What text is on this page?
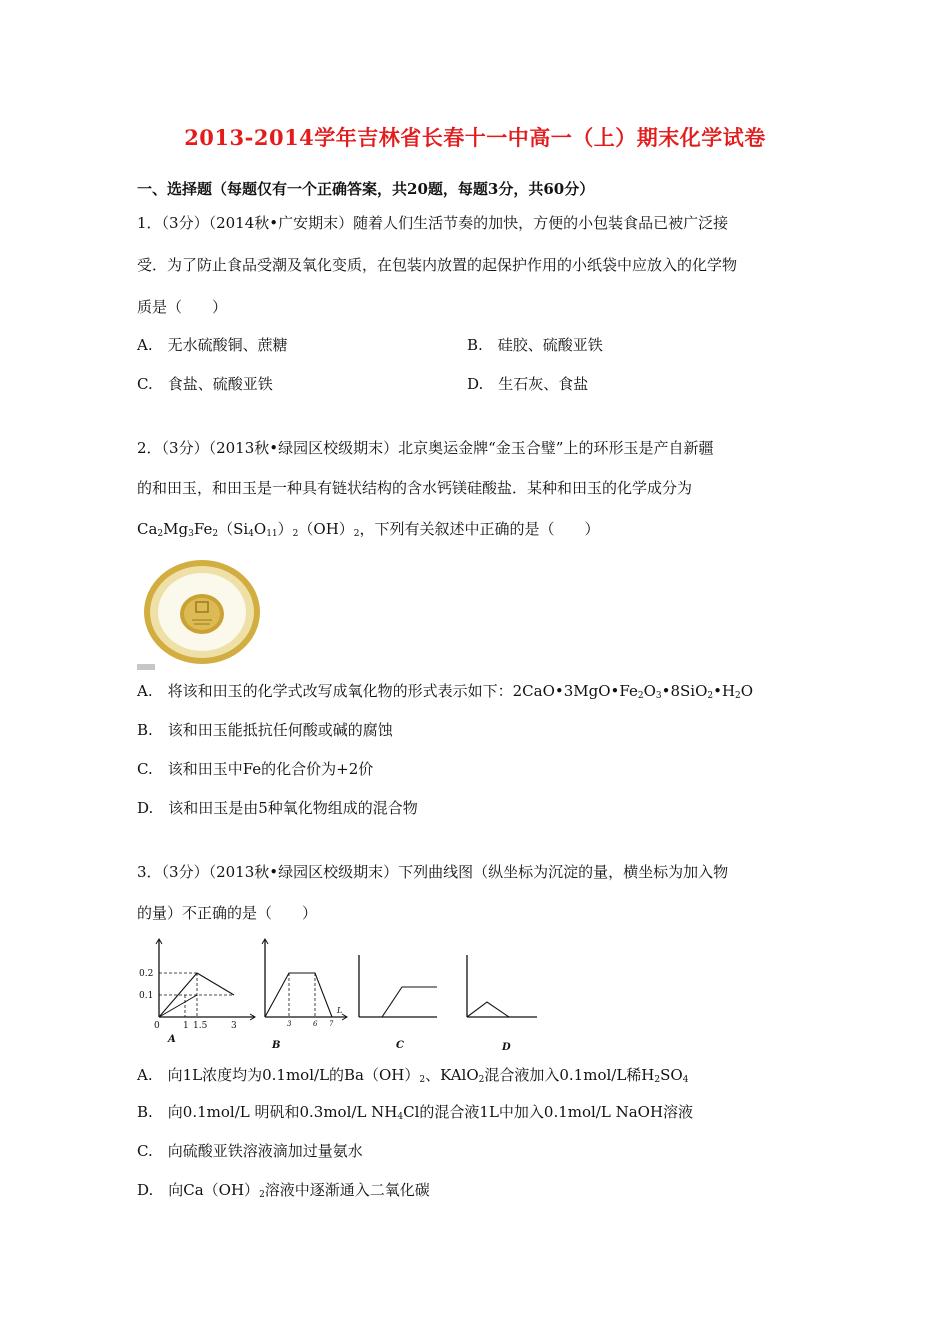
2013-2014学年吉林省长春十一中高一（上）期末化学试卷
一、选择题（每题仅有一个正确答案，共20题，每题3分，共60分）
1．（3分）（2014秋•广安期末）随着人们生活节奏的加快，方便的小包装食品已被广泛接
受．为了防止食品受潮及氧化变质，在包装内放置的起保护作用的小纸袋中应放入的化学物
质是（　　）
A.　无水硫酸铜、蔗糖	B.　硅胶、硫酸亚铁
C.　食盐、硫酸亚铁	D.　生石灰、食盐
2．（3分）（2013秋•绿园区校级期末）北京奥运金牌“金玉合璧”上的环形玉是产自新疆
的和田玉，和田玉是一种具有链状结构的含水钙镁硅酸盐．某种和田玉的化学成分为
$Ca_2Mg_3Fe_2(Si_4O_{11})_2(OH)_2$，下列有关叙述中正确的是（　　）
A.　将该和田玉的化学式改写成氧化物的形式表示如下：$2CaO•3MgO•Fe_2O_3•8SiO_2•H_2O$
B.　该和田玉能抵抗任何酸或碱的腐蚀
C.　该和田玉中Fe的化合价为+2价
D.　该和田玉是由5种氧化物组成的混合物
3．（3分）（2013秋•绿园区校级期末）下列曲线图（纵坐标为沉淀的量，横坐标为加入物
的量）不正确的是（　　）
0.2
0.1
0	1 1.5	3	3	6 7
L
A
B	C	D
A.　向1L浓度均为0.1mol/L的$Ba(OH)_2$、KAlO$_2$混合液加入0.1mol/L稀$H_2SO_4$
B.　向0.1mol/L 明矾和0.3mol/L $NH_4Cl$的混合液1L中加入0.1mol/L NaOH溶液
C.　向硫酸亚铁溶液滴加过量氨水
D.　向$Ca(OH)_2$溶液中逐渐通入二氧化碳
